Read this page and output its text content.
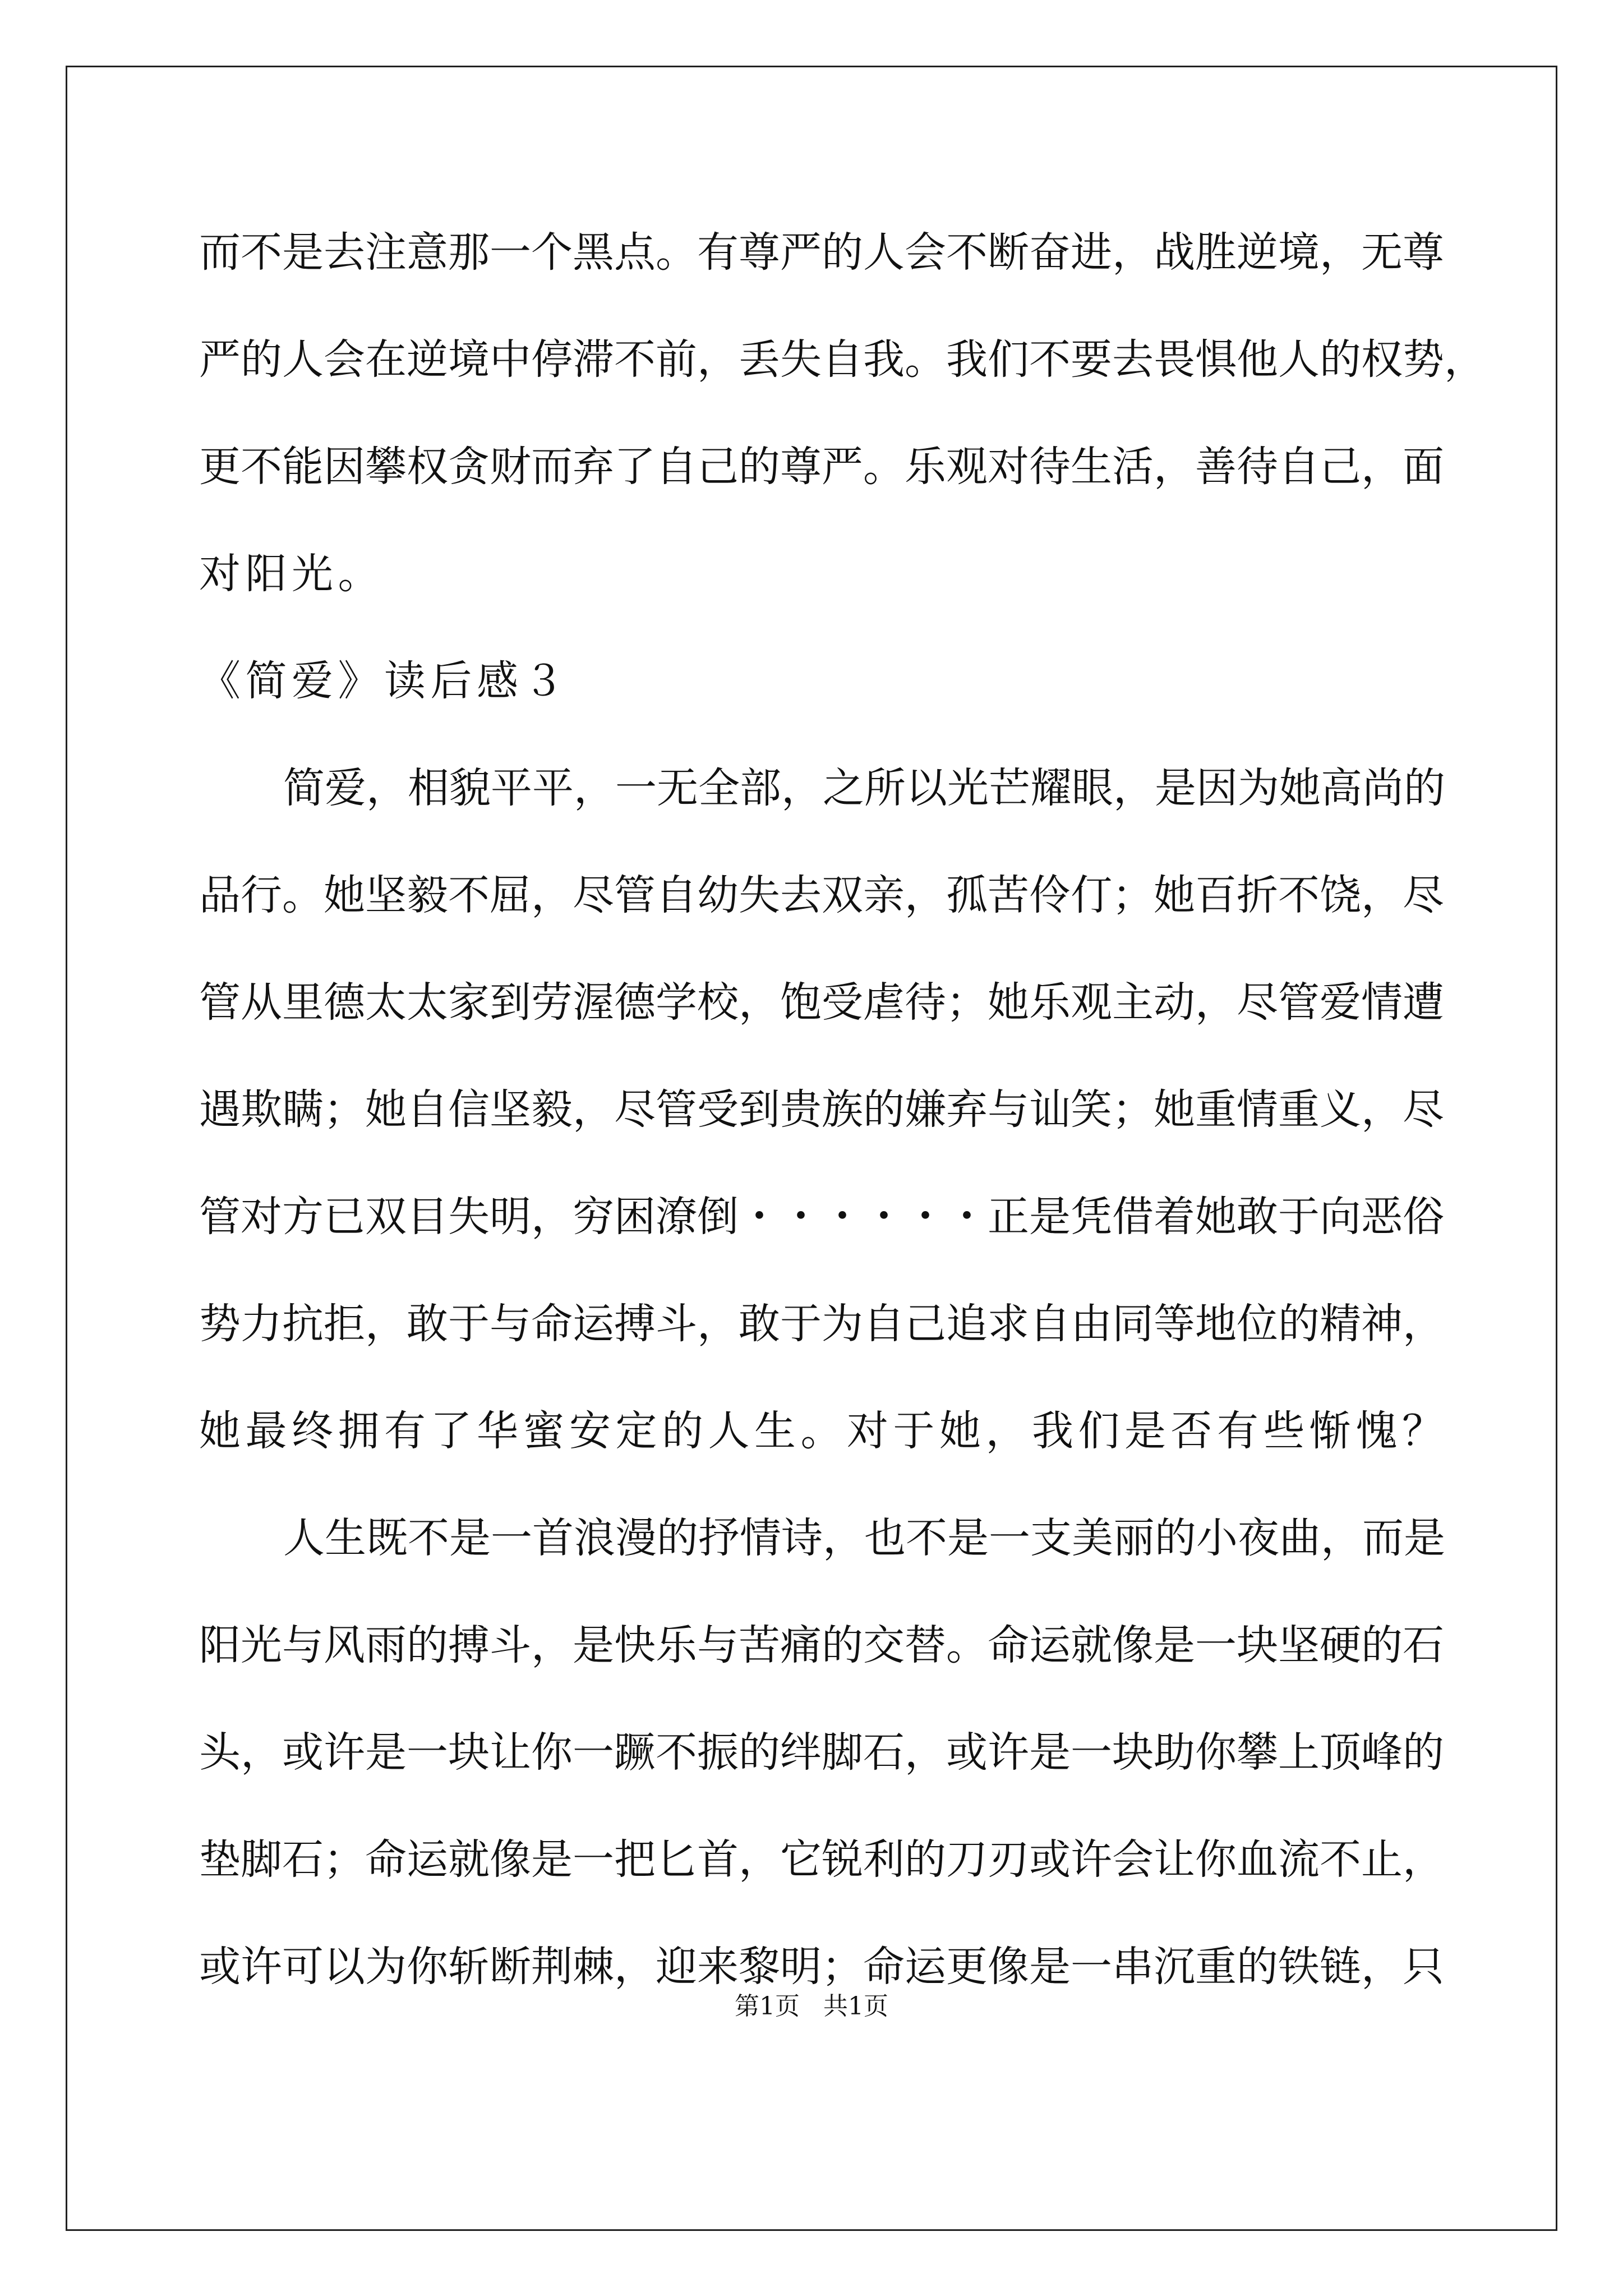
而不是去注意那一个黑点。有尊严的人会不断奋进，战胜逆境，无尊
严的人会在逆境中停滞不前，丢失自我。我们不要去畏惧他人的权势，
更不能因攀权贪财而弃了自己的尊严。乐观对待生活，善待自己，面
对阳光。
《简爱》读后感３
简爱，相貌平平，一无全部，之所以光芒耀眼，是因为她高尚的
品行。她坚毅不屈，尽管自幼失去双亲，孤苦伶仃；她百折不饶，尽
管从里德太太家到劳渥德学校，饱受虐待；她乐观主动，尽管爱情遭
遇欺瞒；她自信坚毅，尽管受到贵族的嫌弃与讪笑；她重情重义，尽
管对方已双目失明，穷困潦倒・・・・・・正是凭借着她敢于向恶俗
势力抗拒，敢于与命运搏斗，敢于为自己追求自由同等地位的精神，
她最终拥有了华蜜安定的人生。对于她，我们是否有些惭愧？
人生既不是一首浪漫的抒情诗，也不是一支美丽的小夜曲，而是
阳光与风雨的搏斗，是快乐与苦痛的交替。命运就像是一块坚硬的石
头，或许是一块让你一蹶不振的绊脚石，或许是一块助你攀上顶峰的
垫脚石；命运就像是一把匕首，它锐利的刀刃或许会让你血流不止，
或许可以为你斩断荆棘，迎来黎明；命运更像是一串沉重的铁链，只
第1页   共1页
